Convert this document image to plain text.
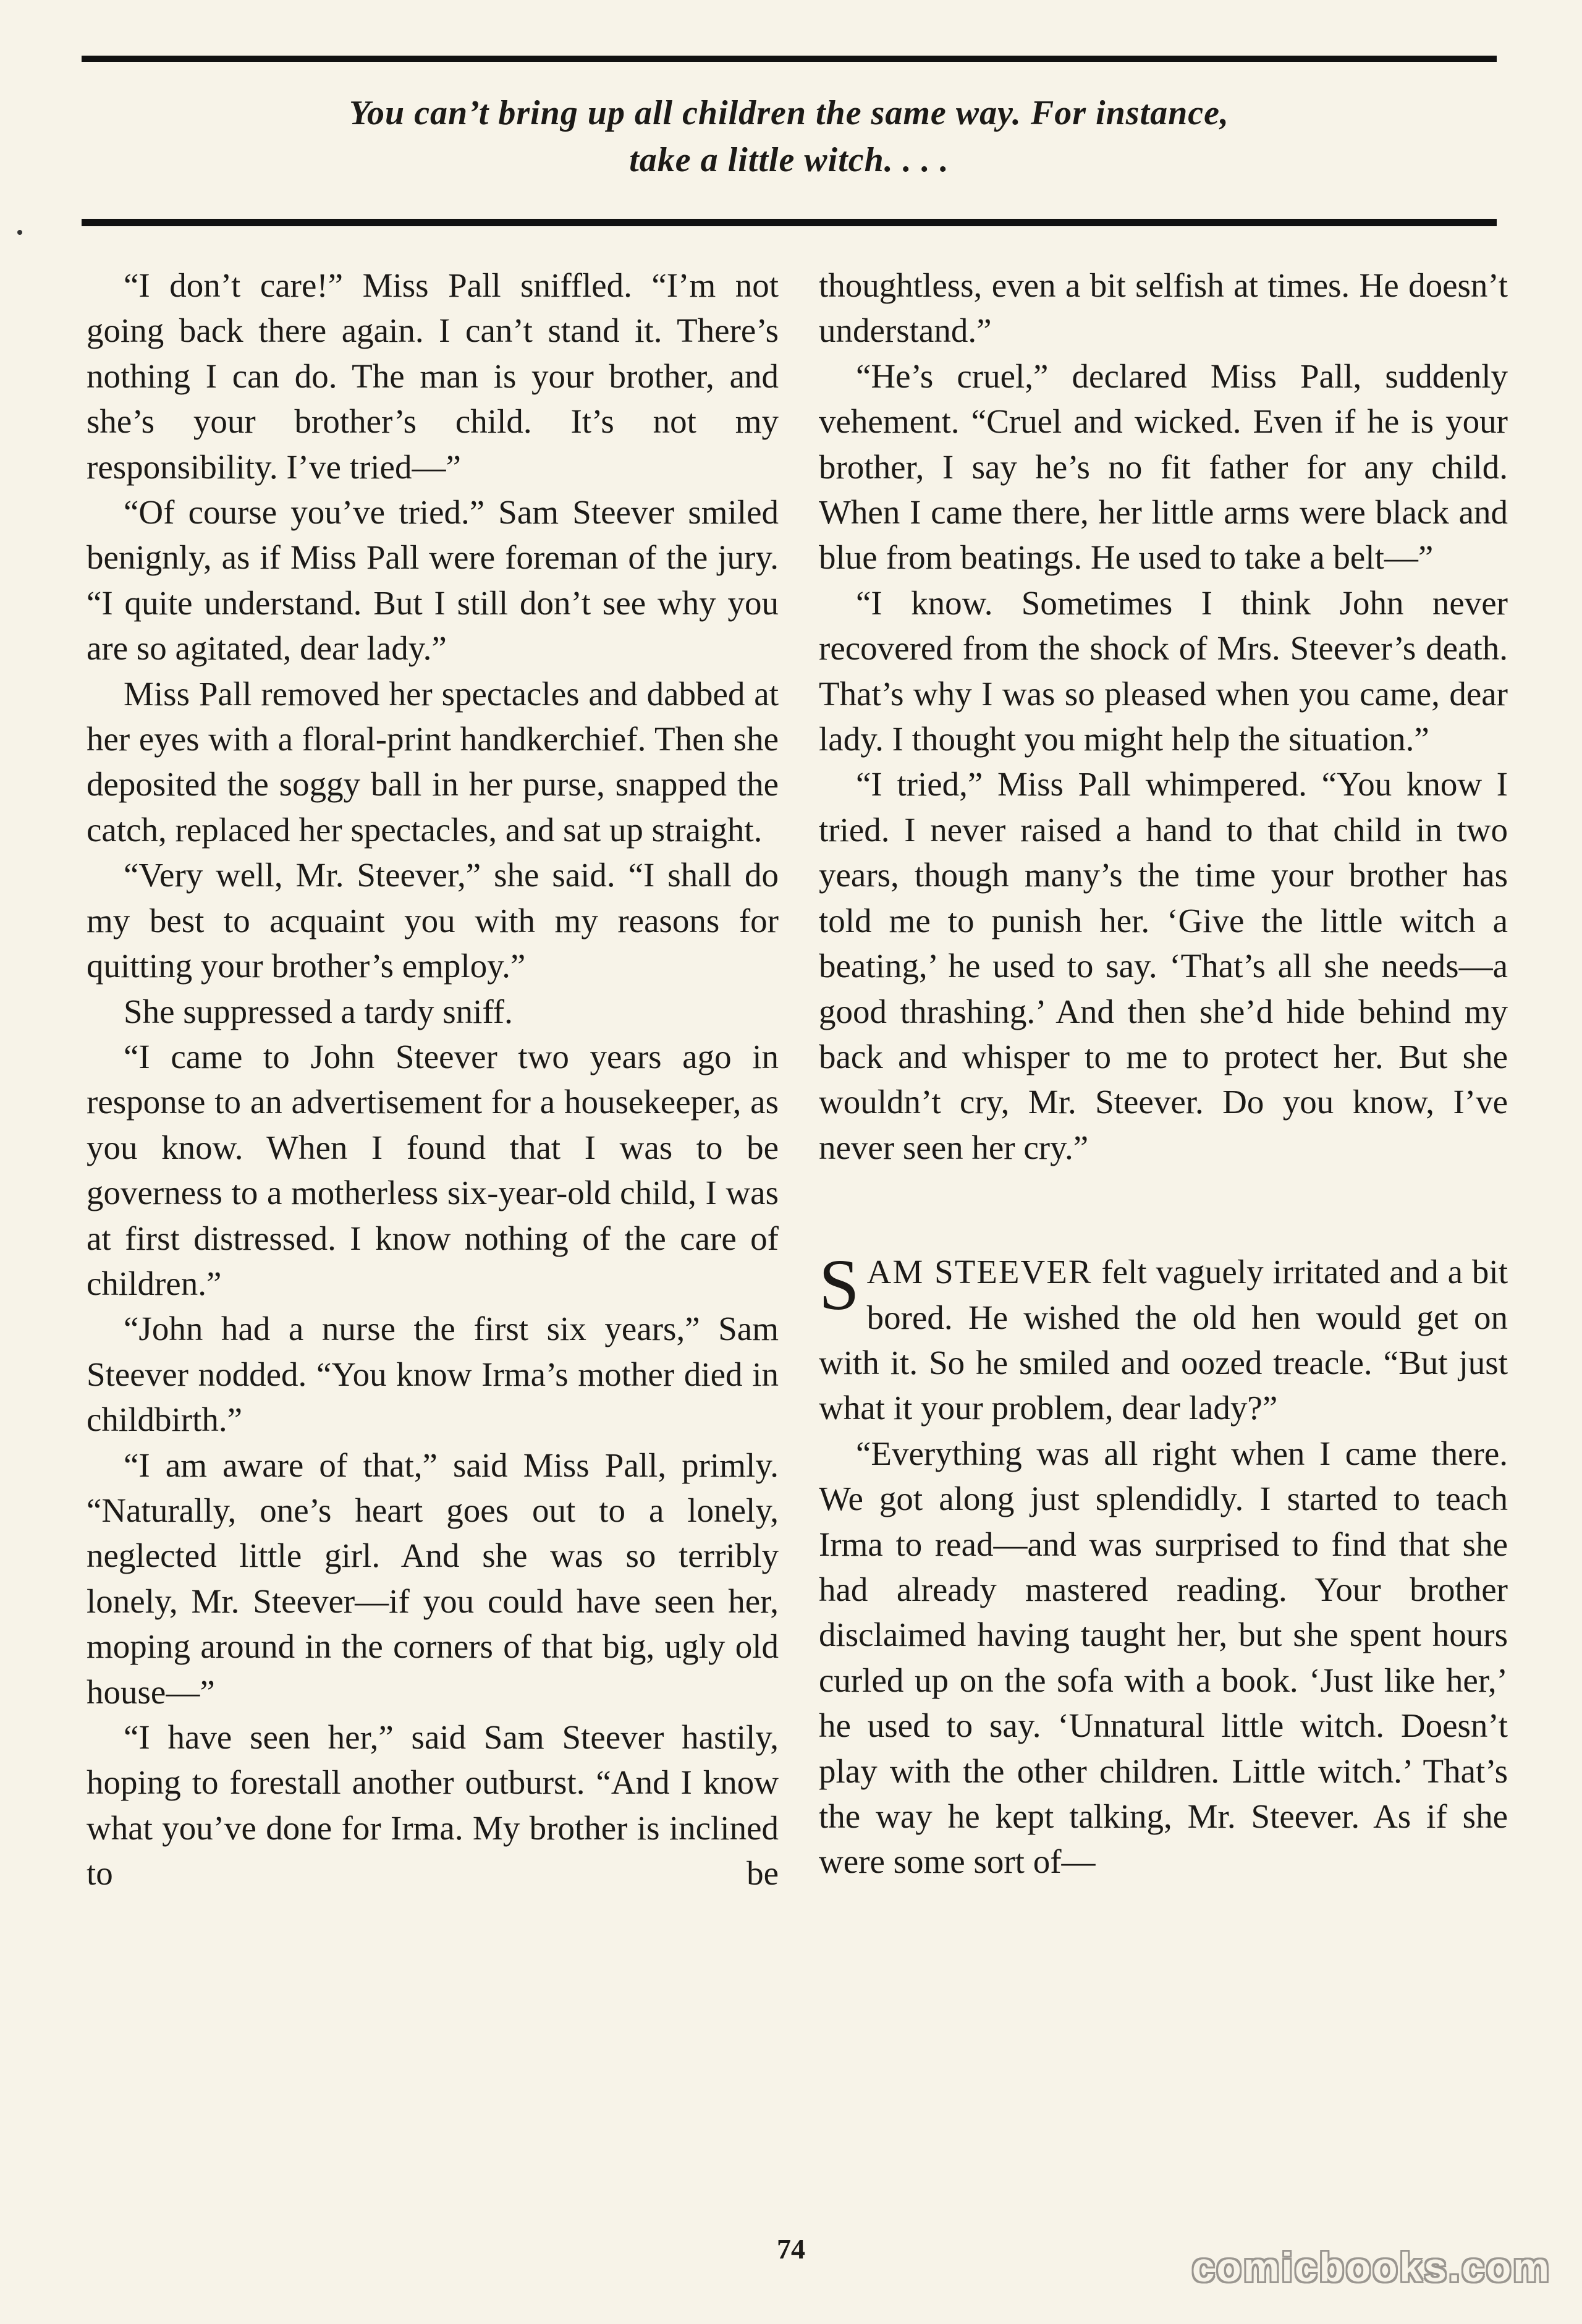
You can’t bring up all children the same way. For instance,
take a little witch. . . .

“I don’t care!” Miss Pall sniffled. “I’m not going back there again. I can’t stand it. There’s nothing I can do. The man is your brother, and she’s your brother’s child. It’s not my responsibility. I’ve tried—”

“Of course you’ve tried.” Sam Steever smiled benignly, as if Miss Pall were foreman of the jury. “I quite understand. But I still don’t see why you are so agitated, dear lady.”

Miss Pall removed her spectacles and dabbed at her eyes with a floral-print handkerchief. Then she deposited the soggy ball in her purse, snapped the catch, replaced her spectacles, and sat up straight.

“Very well, Mr. Steever,” she said. “I shall do my best to acquaint you with my reasons for quitting your brother’s employ.”

She suppressed a tardy sniff.

“I came to John Steever two years ago in response to an advertisement for a housekeeper, as you know. When I found that I was to be governess to a motherless six-year-old child, I was at first distressed. I know nothing of the care of children.”

“John had a nurse the first six years,” Sam Steever nodded. “You know Irma’s mother died in childbirth.”

“I am aware of that,” said Miss Pall, primly. “Naturally, one’s heart goes out to a lonely, neglected little girl. And she was so terribly lonely, Mr. Steever—if you could have seen her, moping around in the corners of that big, ugly old house—”

“I have seen her,” said Sam Steever hastily, hoping to forestall another outburst. “And I know what you’ve done for Irma. My brother is inclined to be

thoughtless, even a bit selfish at times. He doesn’t understand.”

“He’s cruel,” declared Miss Pall, suddenly vehement. “Cruel and wicked. Even if he is your brother, I say he’s no fit father for any child. When I came there, her little arms were black and blue from beatings. He used to take a belt—”

“I know. Sometimes I think John never recovered from the shock of Mrs. Steever’s death. That’s why I was so pleased when you came, dear lady. I thought you might help the situation.”

“I tried,” Miss Pall whimpered. “You know I tried. I never raised a hand to that child in two years, though many’s the time your brother has told me to punish her. ‘Give the little witch a beating,’ he used to say. ‘That’s all she needs—a good thrashing.’ And then she’d hide behind my back and whisper to me to protect her. But she wouldn’t cry, Mr. Steever. Do you know, I’ve never seen her cry.”

SAM STEEVER felt vaguely irritated and a bit bored. He wished the old hen would get on with it. So he smiled and oozed treacle. “But just what it your problem, dear lady?”

“Everything was all right when I came there. We got along just splendidly. I started to teach Irma to read—and was surprised to find that she had already mastered reading. Your brother disclaimed having taught her, but she spent hours curled up on the sofa with a book. ‘Just like her,’ he used to say. ‘Unnatural little witch. Doesn’t play with the other children. Little witch.’ That’s the way he kept talking, Mr. Steever. As if she were some sort of—

74	comicbooks.com
